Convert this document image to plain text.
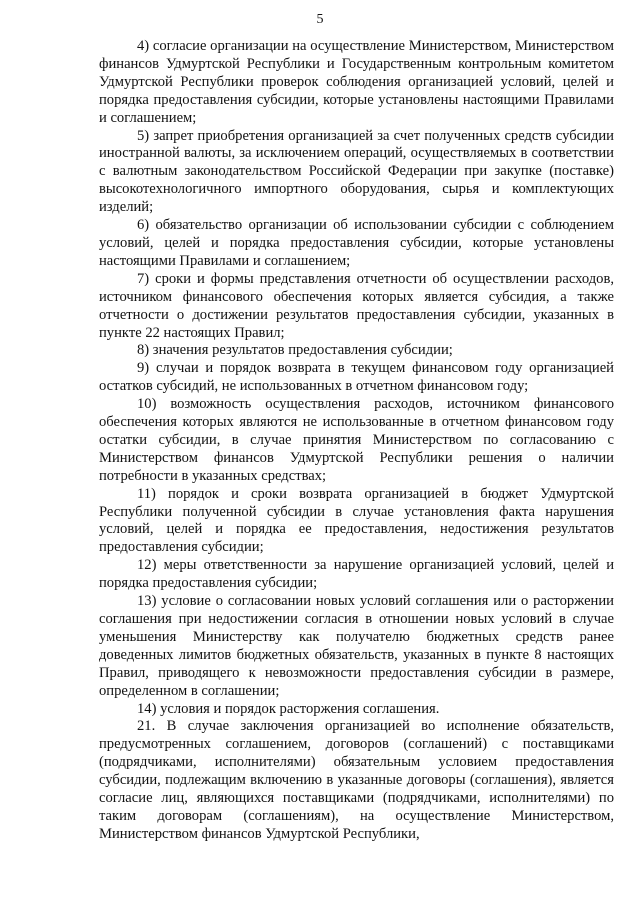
5

4) согласие организации на осуществление Министерством, Министерством финансов Удмуртской Республики и Государственным контрольным комитетом Удмуртской Республики проверок соблюдения организацией условий, целей и порядка предоставления субсидии, которые установлены настоящими Правилами и соглашением;

5) запрет приобретения организацией за счет полученных средств субсидии иностранной валюты, за исключением операций, осуществляемых в соответствии с валютным законодательством Российской Федерации при закупке (поставке) высокотехнологичного импортного оборудования, сырья и комплектующих изделий;

6) обязательство организации об использовании субсидии с соблюдением условий, целей и порядка предоставления субсидии, которые установлены настоящими Правилами и соглашением;

7) сроки и формы представления отчетности об осуществлении расходов, источником финансового обеспечения которых является субсидия, а также отчетности о достижении результатов предоставления субсидии, указанных в пункте 22 настоящих Правил;

8) значения результатов предоставления субсидии;

9) случаи и порядок возврата в текущем финансовом году организацией остатков субсидий, не использованных в отчетном финансовом году;

10) возможность осуществления расходов, источником финансового обеспечения которых являются не использованные в отчетном финансовом году остатки субсидии, в случае принятия Министерством по согласованию с Министерством финансов Удмуртской Республики решения о наличии потребности в указанных средствах;

11) порядок и сроки возврата организацией в бюджет Удмуртской Республики полученной субсидии в случае установления факта нарушения условий, целей и порядка ее предоставления, недостижения результатов предоставления субсидии;

12) меры ответственности за нарушение организацией условий, целей и порядка предоставления субсидии;

13) условие о согласовании новых условий соглашения или о расторжении соглашения при недостижении согласия в отношении новых условий в случае уменьшения Министерству как получателю бюджетных средств ранее доведенных лимитов бюджетных обязательств, указанных в пункте 8 настоящих Правил, приводящего к невозможности предоставления субсидии в размере, определенном в соглашении;

14) условия и порядок расторжения соглашения.

21. В случае заключения организацией во исполнение обязательств, предусмотренных соглашением, договоров (соглашений) с поставщиками (подрядчиками, исполнителями) обязательным условием предоставления субсидии, подлежащим включению в указанные договоры (соглашения), является согласие лиц, являющихся поставщиками (подрядчиками, исполнителями) по таким договорам (соглашениям), на осуществление Министерством, Министерством финансов Удмуртской Республики,
